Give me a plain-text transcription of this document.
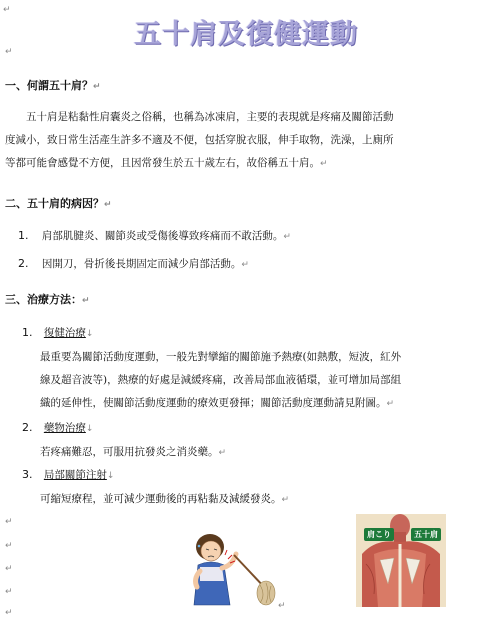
↵
五十肩及復健運動
↵
一、何謂五十肩？↵
五十肩是粘黏性肩囊炎之俗稱，也稱為冰凍肩，主要的表現就是疼痛及關節活動
度減小，致日常生活產生許多不適及不便，包括穿脫衣服，伸手取物，洗澡，上廁所
等都可能會感覺不方便，且因常發生於五十歲左右，故俗稱五十肩。↵
二、五十肩的病因？↵
1. 肩部肌腱炎、關節炎或受傷後導致疼痛而不敢活動。↵
2. 因開刀，骨折後長期固定而減少肩部活動。↵
三、治療方法：↵
1. 復健治療↓
最重要為關節活動度運動，一般先對攣縮的關節施予熱療(如熱敷，短波，紅外
線及超音波等)，熱療的好處是減緩疼痛，改善局部血液循環，並可增加局部組
織的延伸性，使關節活動度運動的療效更發揮；關節活動度運動請見附圖。↵
2. 藥物治療↓
若疼痛難忍，可服用抗發炎之消炎藥。↵
3. 局部關節注射↓
可縮短療程，並可減少運動後的再粘黏及減緩發炎。↵
↵
↵
↵
↵
↵
↵
肩こり	五十肩
